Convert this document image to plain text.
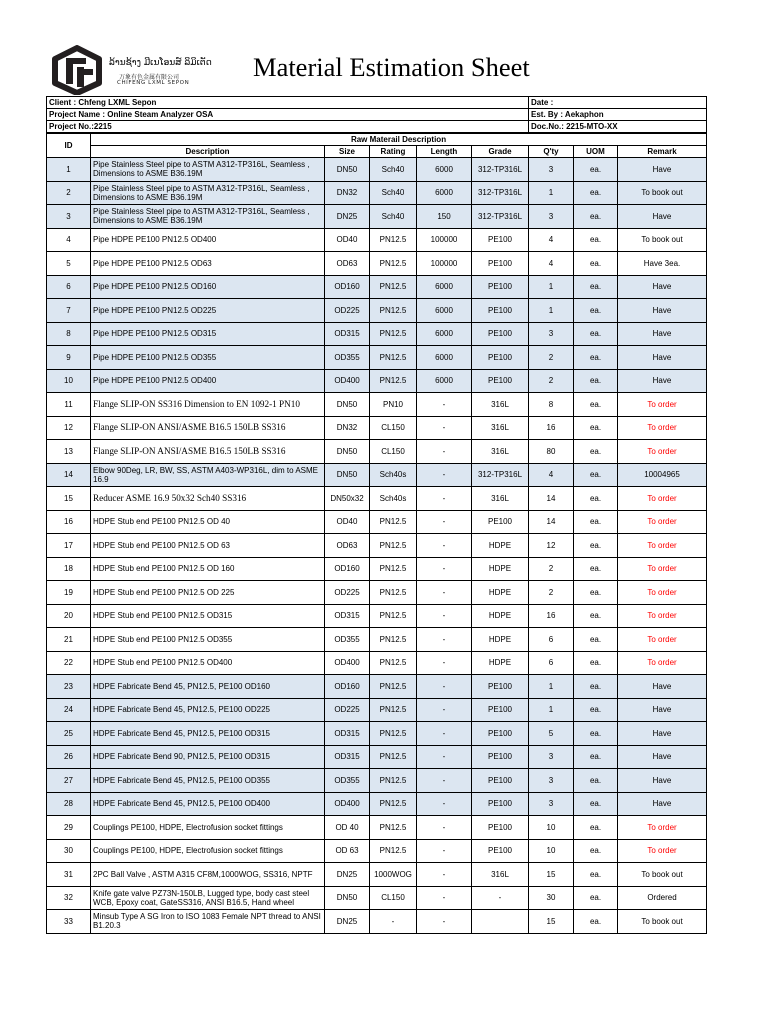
ລ້ານຊ້າງ ມີເນໂອນສ໌ ລິມິເຕັດ
万象有色金属有限公司
CHIFENG LXML SEPON
Material Estimation Sheet
Client : Chfeng LXML Sepon	Date :
Project Name : Online Steam Analyzer OSA	Est. By : Aekaphon
Project No.:2215	Doc.No.: 2215-MTO-XX
ID	Raw Materail Description							
	Description	Size	Rating	Length	Grade	Q'ty	UOM	Remark
1	Pipe Stainless Steel pipe to ASTM A312-TP316L, Seamless , Dimensions to ASME B36.19M	DN50	Sch40	6000	312-TP316L	3	ea.	Have
2	Pipe Stainless Steel pipe to ASTM A312-TP316L, Seamless , Dimensions to ASME B36.19M	DN32	Sch40	6000	312-TP316L	1	ea.	To book out
3	Pipe Stainless Steel pipe to ASTM A312-TP316L, Seamless , Dimensions to ASME B36.19M	DN25	Sch40	150	312-TP316L	3	ea.	Have
4	Pipe HDPE PE100 PN12.5 OD400	OD40	PN12.5	100000	PE100	4	ea.	To book out
5	Pipe HDPE PE100 PN12.5 OD63	OD63	PN12.5	100000	PE100	4	ea.	Have 3ea.
6	Pipe HDPE PE100 PN12.5 OD160	OD160	PN12.5	6000	PE100	1	ea.	Have
7	Pipe HDPE PE100 PN12.5 OD225	OD225	PN12.5	6000	PE100	1	ea.	Have
8	Pipe HDPE PE100 PN12.5 OD315	OD315	PN12.5	6000	PE100	3	ea.	Have
9	Pipe HDPE PE100 PN12.5 OD355	OD355	PN12.5	6000	PE100	2	ea.	Have
10	Pipe HDPE PE100 PN12.5 OD400	OD400	PN12.5	6000	PE100	2	ea.	Have
11	Flange SLIP-ON SS316 Dimension to EN 1092-1 PN10	DN50	PN10	-	316L	8	ea.	To order
12	Flange SLIP-ON ANSI/ASME B16.5 150LB SS316	DN32	CL150	-	316L	16	ea.	To order
13	Flange SLIP-ON ANSI/ASME B16.5 150LB SS316	DN50	CL150	-	316L	80	ea.	To order
14	Elbow 90Deg, LR, BW, SS, ASTM A403-WP316L, dim to ASME 16.9	DN50	Sch40s	-	312-TP316L	4	ea.	10004965
15	Reducer ASME 16.9 50x32 Sch40 SS316	DN50x32	Sch40s	-	316L	14	ea.	To order
16	HDPE Stub end PE100 PN12.5 OD 40	OD40	PN12.5	-	PE100	14	ea.	To order
17	HDPE Stub end PE100 PN12.5 OD 63	OD63	PN12.5	-	HDPE	12	ea.	To order
18	HDPE Stub end PE100 PN12.5 OD 160	OD160	PN12.5	-	HDPE	2	ea.	To order
19	HDPE Stub end PE100 PN12.5 OD 225	OD225	PN12.5	-	HDPE	2	ea.	To order
20	HDPE Stub end PE100 PN12.5 OD315	OD315	PN12.5	-	HDPE	16	ea.	To order
21	HDPE Stub end PE100 PN12.5 OD355	OD355	PN12.5	-	HDPE	6	ea.	To order
22	HDPE Stub end PE100 PN12.5 OD400	OD400	PN12.5	-	HDPE	6	ea.	To order
23	HDPE Fabricate Bend 45, PN12.5, PE100 OD160	OD160	PN12.5	-	PE100	1	ea.	Have
24	HDPE Fabricate Bend 45, PN12.5, PE100 OD225	OD225	PN12.5	-	PE100	1	ea.	Have
25	HDPE Fabricate Bend 45, PN12.5, PE100 OD315	OD315	PN12.5	-	PE100	5	ea.	Have
26	HDPE Fabricate Bend 90, PN12.5, PE100 OD315	OD315	PN12.5	-	PE100	3	ea.	Have
27	HDPE Fabricate Bend 45, PN12.5, PE100 OD355	OD355	PN12.5	-	PE100	3	ea.	Have
28	HDPE Fabricate Bend 45, PN12.5, PE100 OD400	OD400	PN12.5	-	PE100	3	ea.	Have
29	Couplings PE100, HDPE, Electrofusion socket fittings	OD 40	PN12.5	-	PE100	10	ea.	To order
30	Couplings PE100, HDPE, Electrofusion socket fittings	OD 63	PN12.5	-	PE100	10	ea.	To order
31	2PC Ball Valve , ASTM A315 CF8M,1000WOG, SS316, NPTF	DN25	1000WOG	-	316L	15	ea.	To book out
32	Knife gate valve PZ73N-150LB, Lugged type, body cast steel WCB, Epoxy coat, GateSS316, ANSI B16.5, Hand wheel	DN50	CL150	-	-	30	ea.	Ordered
33	Minsub Type A SG Iron to ISO 1083 Female NPT thread to ANSI B1.20.3	DN25	-	-		15	ea.	To book out
